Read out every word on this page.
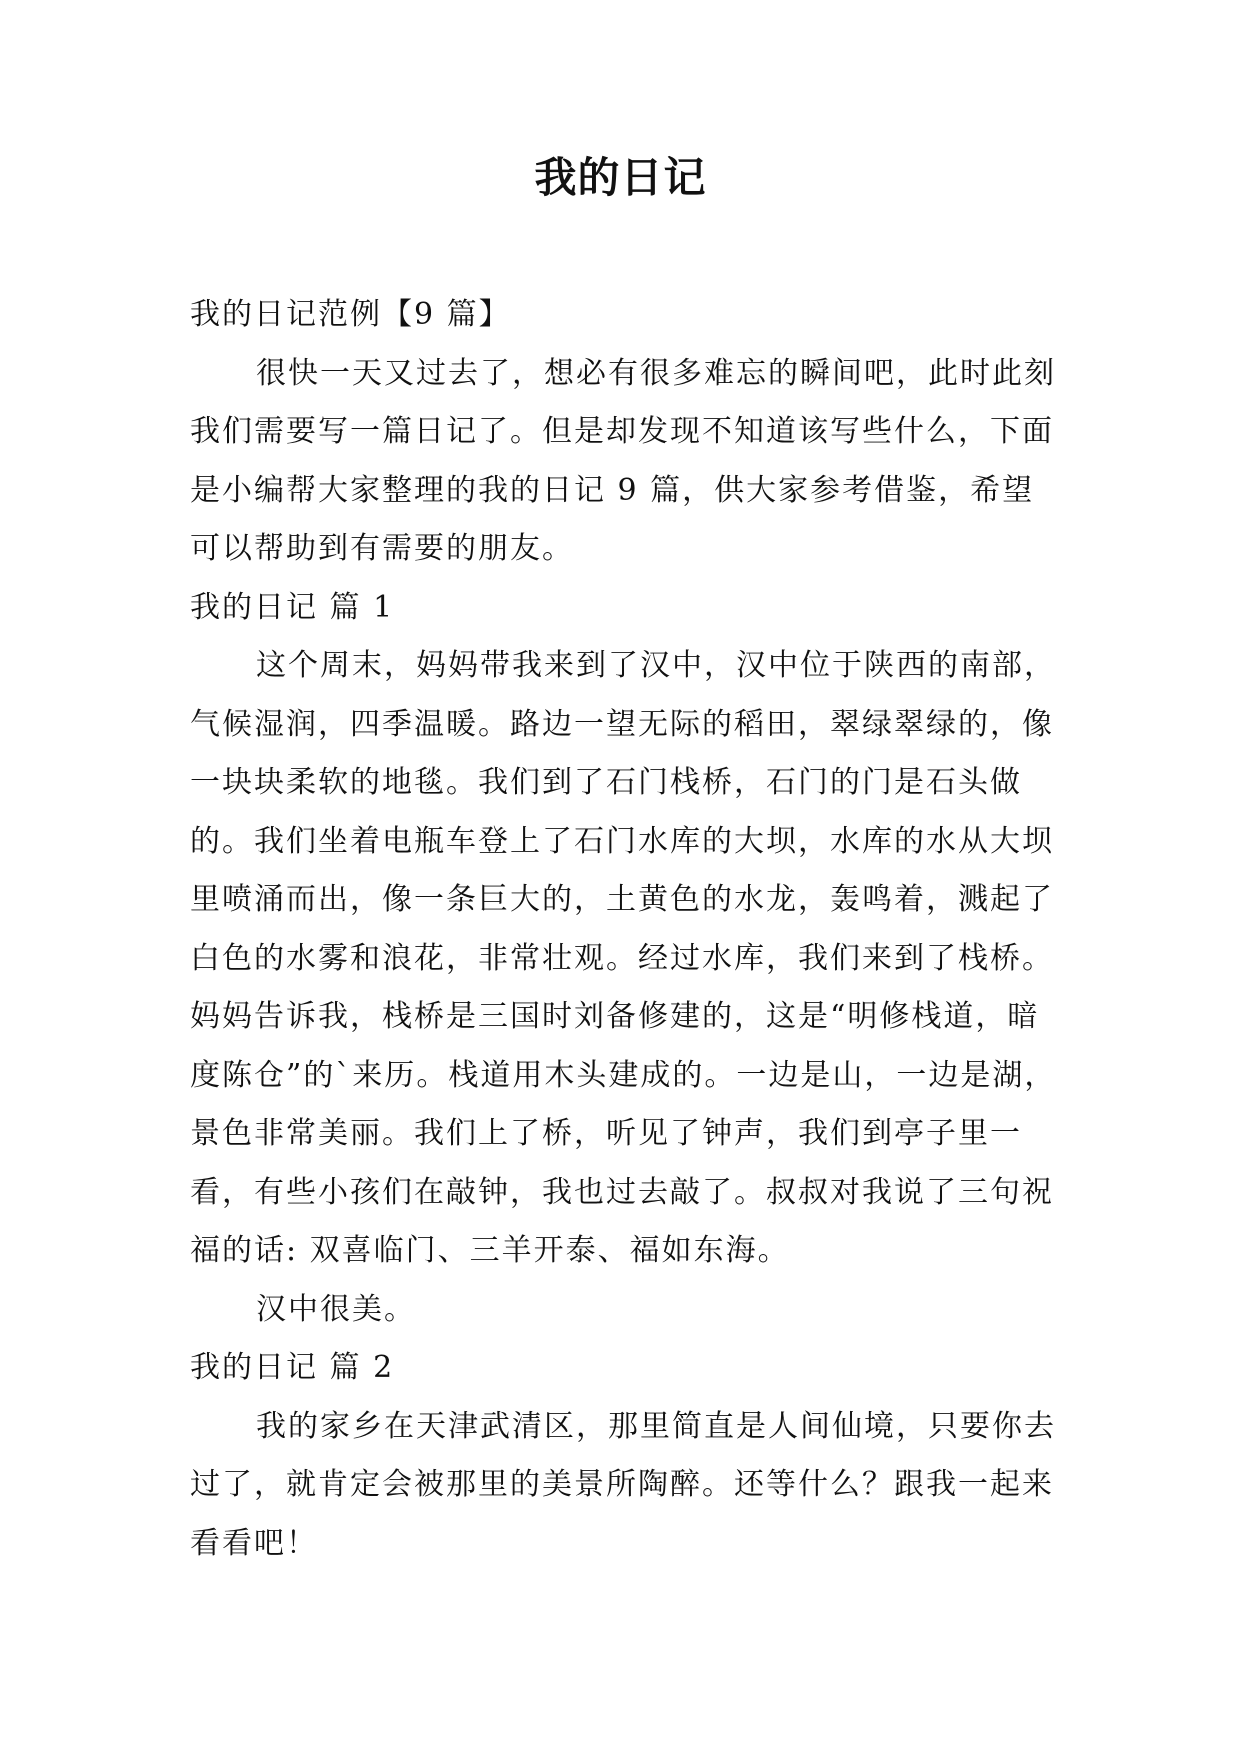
我的日记

我的日记范例【9 篇】

很快一天又过去了，想必有很多难忘的瞬间吧，此时此刻我们需要写一篇日记了。但是却发现不知道该写些什么，下面是小编帮大家整理的我的日记 9 篇，供大家参考借鉴，希望可以帮助到有需要的朋友。

我的日记 篇 1

这个周末，妈妈带我来到了汉中，汉中位于陕西的南部，气候湿润，四季温暖。路边一望无际的稻田，翠绿翠绿的，像一块块柔软的地毯。我们到了石门栈桥，石门的门是石头做的。我们坐着电瓶车登上了石门水库的大坝，水库的水从大坝里喷涌而出，像一条巨大的，土黄色的水龙，轰鸣着，溅起了白色的水雾和浪花，非常壮观。经过水库，我们来到了栈桥。妈妈告诉我，栈桥是三国时刘备修建的，这是“明修栈道，暗度陈仓”的`来历。栈道用木头建成的。一边是山，一边是湖，景色非常美丽。我们上了桥，听见了钟声，我们到亭子里一看，有些小孩们在敲钟，我也过去敲了。叔叔对我说了三句祝福的话: 双喜临门、三羊开泰、福如东海。

汉中很美。

我的日记 篇 2

我的家乡在天津武清区，那里简直是人间仙境，只要你去过了，就肯定会被那里的美景所陶醉。还等什么？跟我一起来看看吧！
